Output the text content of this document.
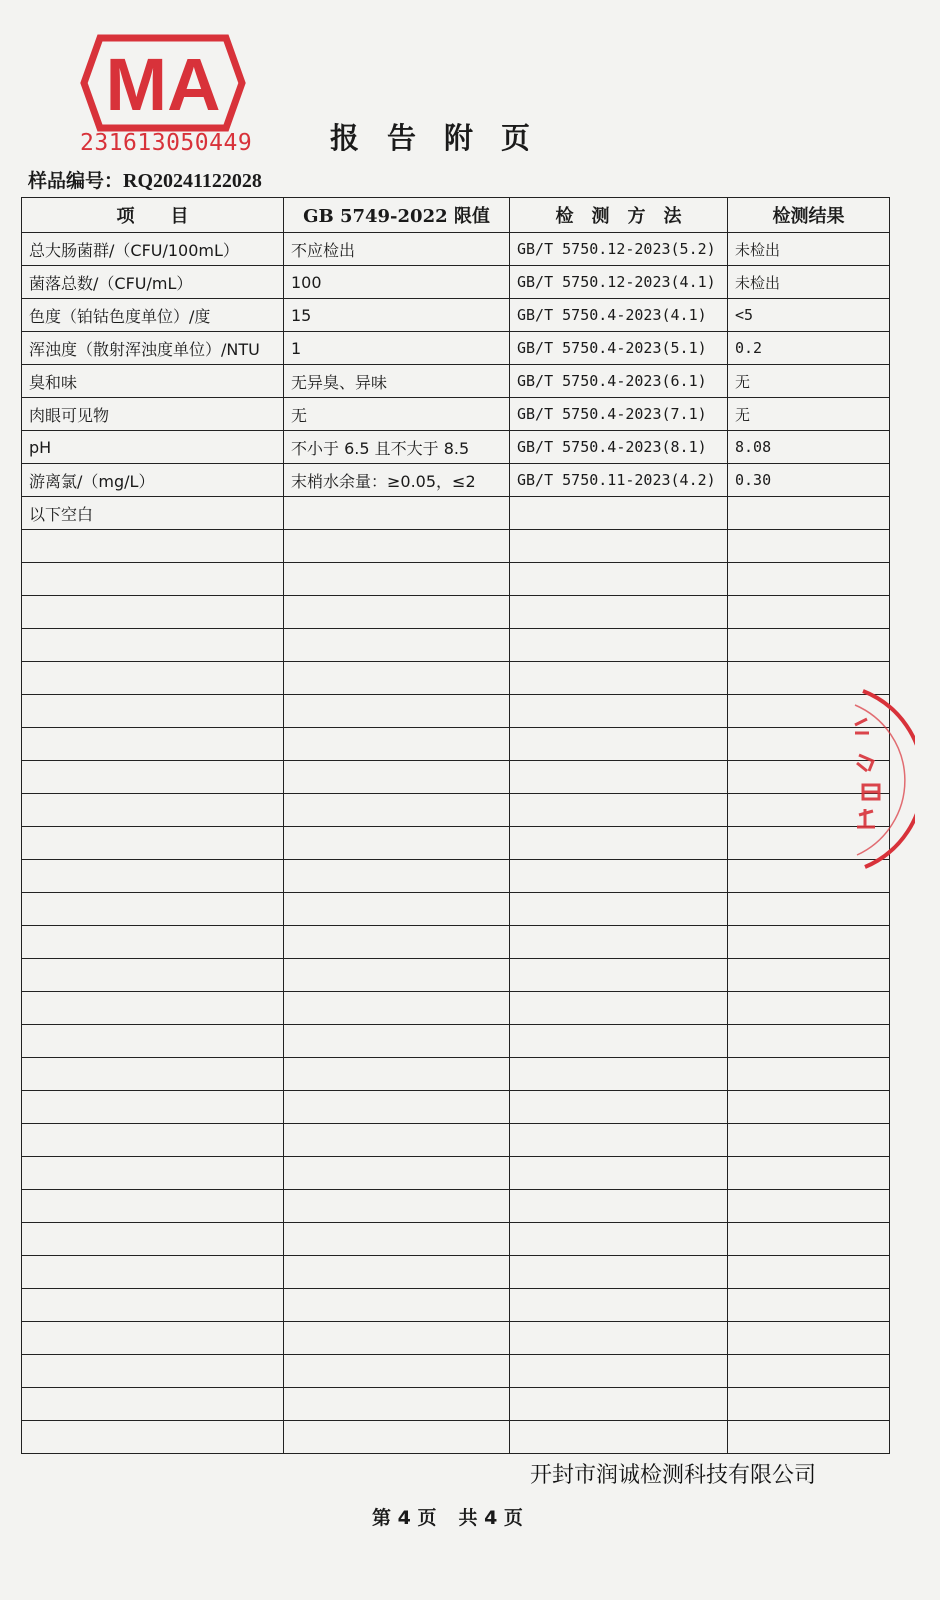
MA
231613050449	报告附页
样品编号：RQ20241122028
项　　目	GB 5749-2022 限值	检　测　方　法	检测结果
总大肠菌群/（CFU/100mL）	不应检出	GB/T 5750.12-2023(5.2)	未检出
菌落总数/（CFU/mL）	100	GB/T 5750.12-2023(4.1)	未检出
色度（铂钴色度单位）/度	15	GB/T 5750.4-2023(4.1)	<5
浑浊度（散射浑浊度单位）/NTU	1	GB/T 5750.4-2023(5.1)	0.2
臭和味	无异臭、异味	GB/T 5750.4-2023(6.1)	无
肉眼可见物	无	GB/T 5750.4-2023(7.1)	无
pH	不小于 6.5 且不大于 8.5	GB/T 5750.4-2023(8.1)	8.08
游离氯/（mg/L）	末梢水余量：≥0.05，≤2	GB/T 5750.11-2023(4.2)	0.30
以下空白			

开封市润诚检测科技有限公司
第 4 页 共 4 页
